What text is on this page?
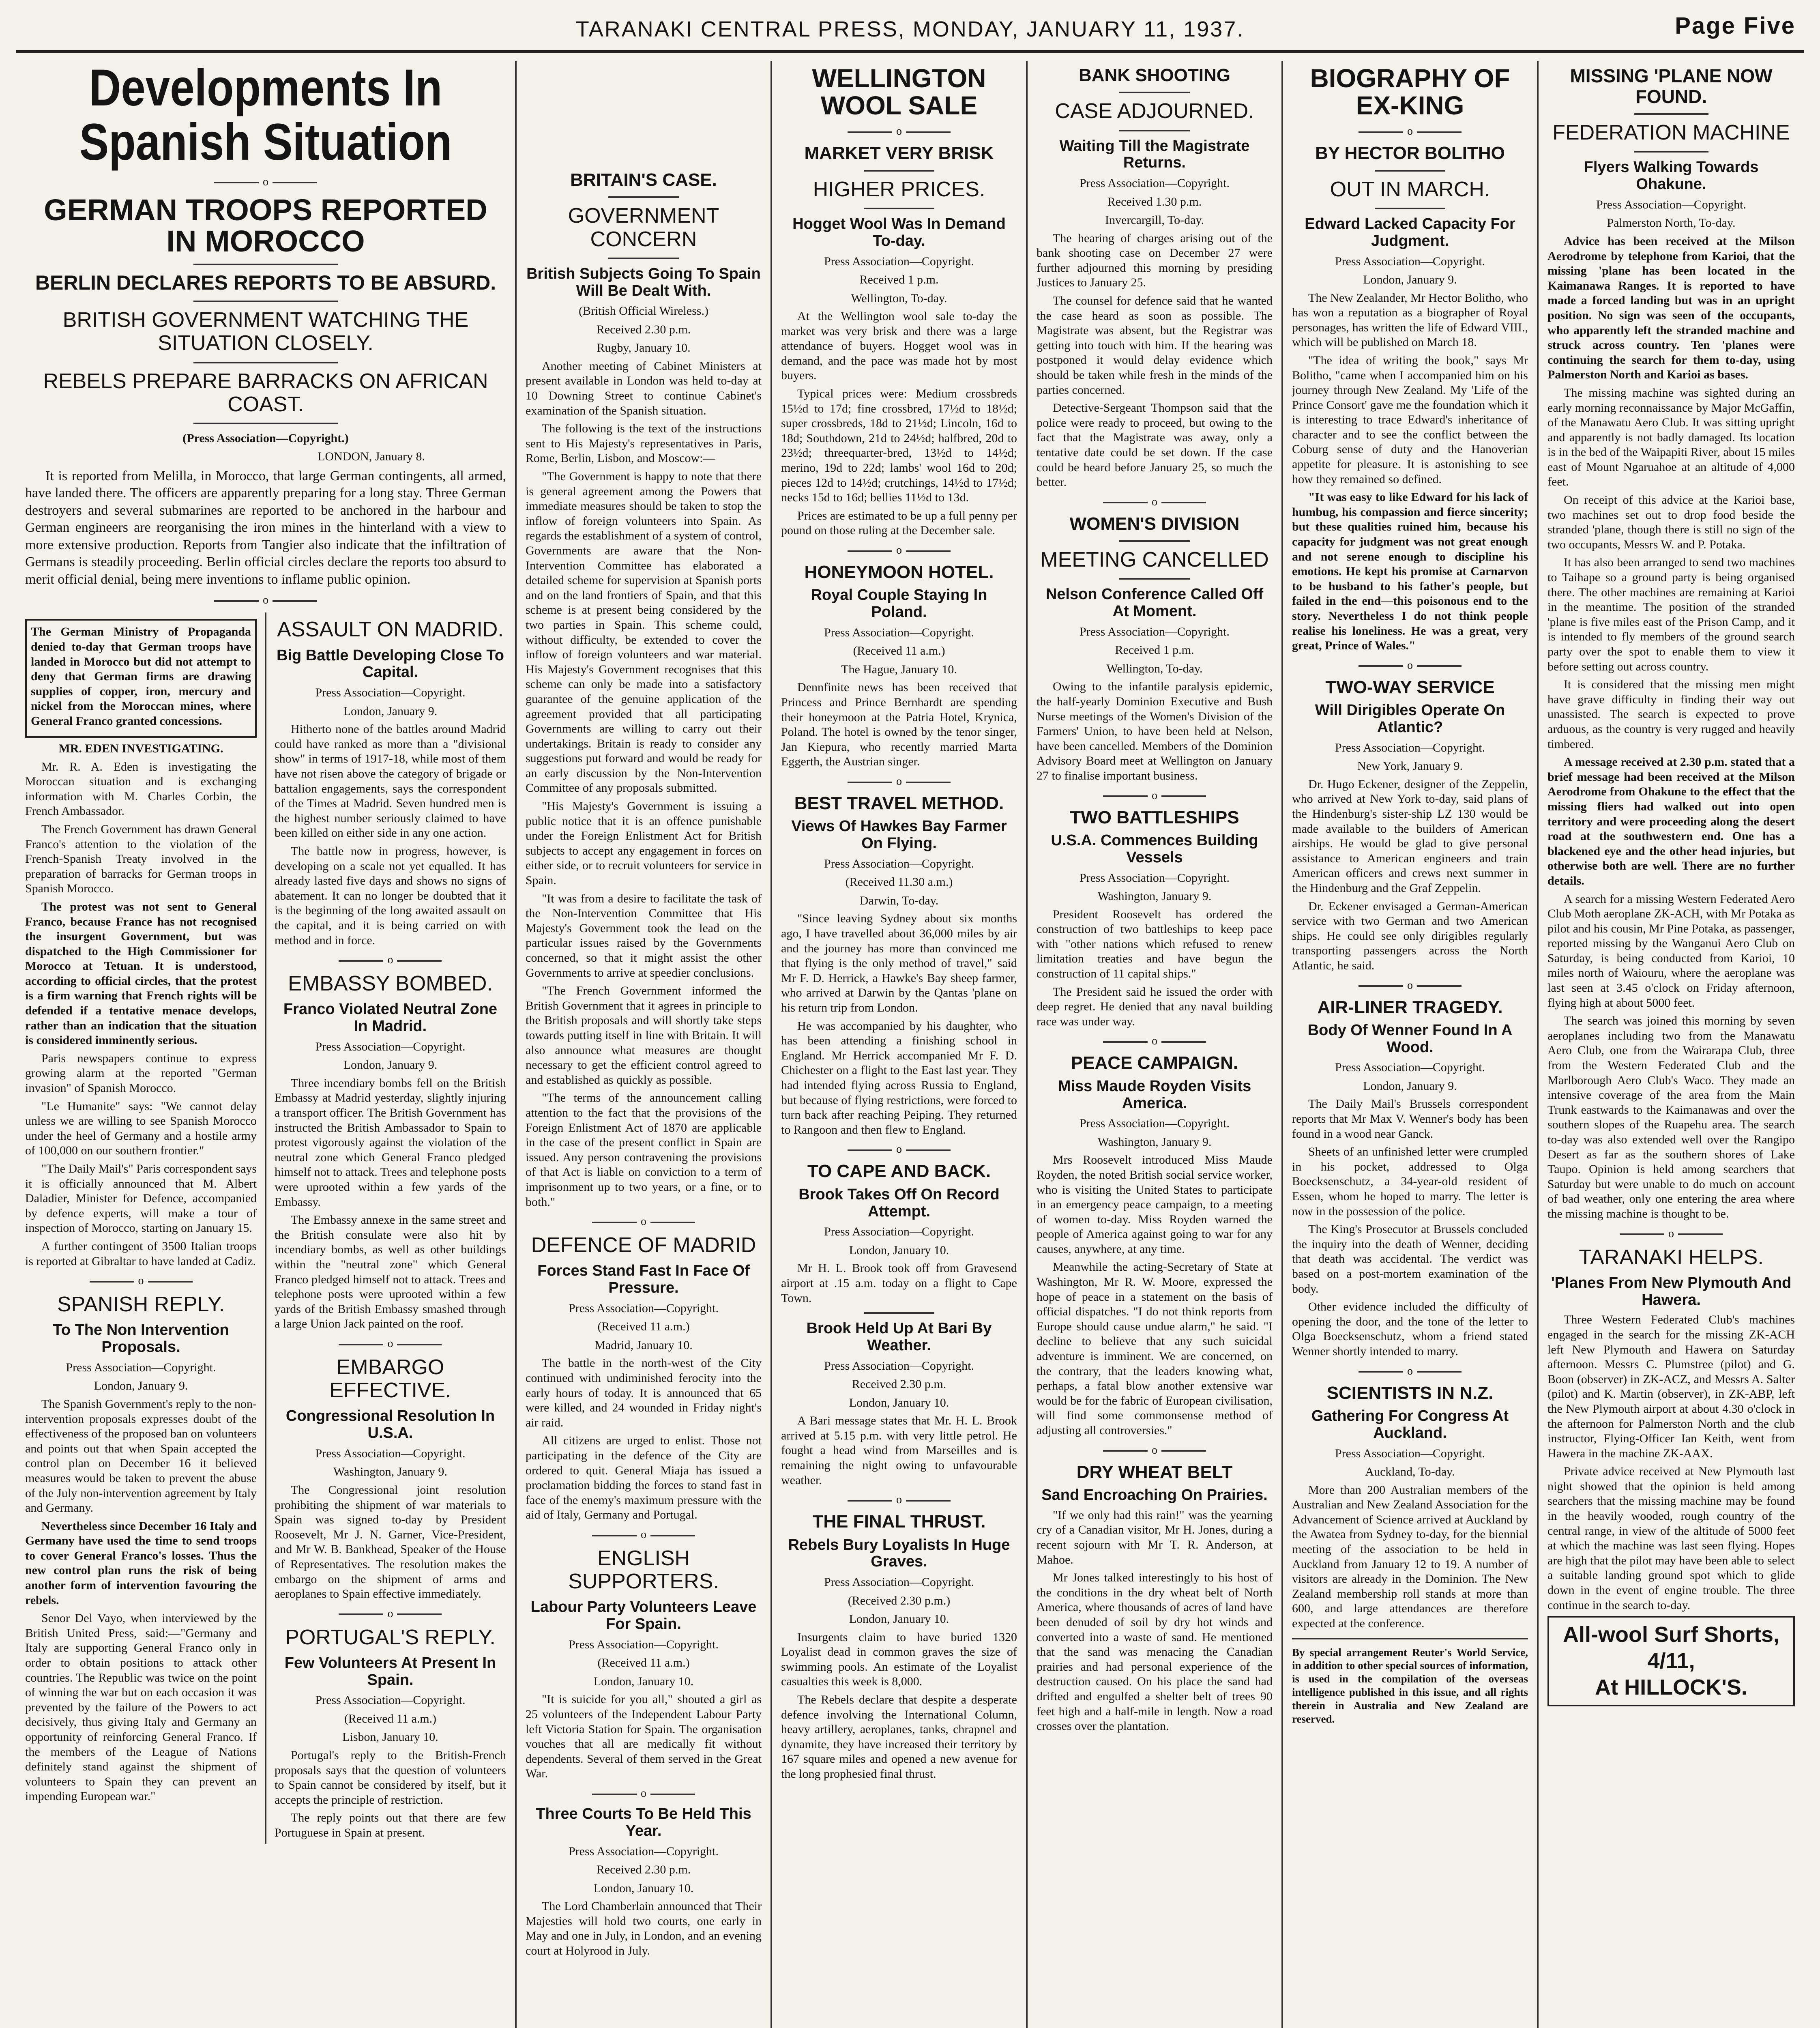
TARANAKI CENTRAL PRESS, MONDAY, JANUARY 11, 1937.	Page Five
Developments In Spanish Situation
o
GERMAN TROOPS REPORTED IN MOROCCO
BERLIN DECLARES REPORTS TO BE ABSURD.
BRITISH GOVERNMENT WATCHING THE SITUATION CLOSELY.
REBELS PREPARE BARRACKS ON AFRICAN COAST.
(Press Association—Copyright.)
LONDON, January 8.

It is reported from Melilla, in Morocco, that large German contingents, all armed, have landed there. The officers are apparently preparing for a long stay. Three German destroyers and several submarines are reported to be anchored in the harbour and German engineers are reorganising the iron mines in the hinterland with a view to more extensive production. Reports from Tangier also indicate that the infiltration of Germans is steadily proceeding. Berlin official circles declare the reports too absurd to merit official denial, being mere inventions to inflame public opinion.

o

The German Ministry of Propaganda denied to-day that German troops have landed in Morocco but did not attempt to deny that German firms are drawing supplies of copper, iron, mercury and nickel from the Moroccan mines, where General Franco granted concessions.

MR. EDEN INVESTIGATING.

Mr. R. A. Eden is investigating the Moroccan situation and is exchanging information with M. Charles Corbin, the French Ambassador.

The French Government has drawn General Franco's attention to the violation of the French-Spanish Treaty involved in the preparation of barracks for German troops in Spanish Morocco.

The protest was not sent to General Franco, because France has not recognised the insurgent Government, but was dispatched to the High Commissioner for Morocco at Tetuan. It is understood, according to official circles, that the protest is a firm warning that French rights will be defended if a tentative menace develops, rather than an indication that the situation is considered imminently serious.

Paris newspapers continue to express growing alarm at the reported "German invasion" of Spanish Morocco.

"Le Humanite" says: "We cannot delay unless we are willing to see Spanish Morocco under the heel of Germany and a hostile army of 100,000 on our southern frontier."

"The Daily Mail's" Paris correspondent says it is officially announced that M. Albert Daladier, Minister for Defence, accompanied by defence experts, will make a tour of inspection of Morocco, starting on January 15.

A further contingent of 3500 Italian troops is reported at Gibraltar to have landed at Cadiz.

o
SPANISH REPLY.
To The Non Intervention Proposals.
Press Association—Copyright.
London, January 9.

The Spanish Government's reply to the non-intervention proposals expresses doubt of the effectiveness of the proposed ban on volunteers and points out that when Spain accepted the control plan on December 16 it believed measures would be taken to prevent the abuse of the July non-intervention agreement by Italy and Germany.

Nevertheless since December 16 Italy and Germany have used the time to send troops to cover General Franco's losses. Thus the new control plan runs the risk of being another form of intervention favouring the rebels.

Senor Del Vayo, when interviewed by the British United Press, said:—"Germany and Italy are supporting General Franco only in order to obtain positions to attack other countries. The Republic was twice on the point of winning the war but on each occasion it was prevented by the failure of the Powers to act decisively, thus giving Italy and Germany an opportunity of reinforcing General Franco. If the members of the League of Nations definitely stand against the shipment of volunteers to Spain they can prevent an impending European war."

ASSAULT ON MADRID.
Big Battle Developing Close To Capital.
Press Association—Copyright.
London, January 9.

Hitherto none of the battles around Madrid could have ranked as more than a "divisional show" in terms of 1917-18, while most of them have not risen above the category of brigade or battalion engagements, says the correspondent of the Times at Madrid. Seven hundred men is the highest number seriously claimed to have been killed on either side in any one action.

The battle now in progress, however, is developing on a scale not yet equalled. It has already lasted five days and shows no signs of abatement. It can no longer be doubted that it is the beginning of the long awaited assault on the capital, and it is being carried on with method and in force.

o
EMBASSY BOMBED.
Franco Violated Neutral Zone In Madrid.
Press Association—Copyright.
London, January 9.

Three incendiary bombs fell on the British Embassy at Madrid yesterday, slightly injuring a transport officer. The British Government has instructed the British Ambassador to Spain to protest vigorously against the violation of the neutral zone which General Franco pledged himself not to attack. Trees and telephone posts were uprooted within a few yards of the Embassy.

The Embassy annexe in the same street and the British consulate were also hit by incendiary bombs, as well as other buildings within the "neutral zone" which General Franco pledged himself not to attack. Trees and telephone posts were uprooted within a few yards of the British Embassy smashed through a large Union Jack painted on the roof.

o
EMBARGO EFFECTIVE.
Congressional Resolution In U.S.A.
Press Association—Copyright.
Washington, January 9.

The Congressional joint resolution prohibiting the shipment of war materials to Spain was signed to-day by President Roosevelt, Mr J. N. Garner, Vice-President, and Mr W. B. Bankhead, Speaker of the House of Representatives. The resolution makes the embargo on the shipment of arms and aeroplanes to Spain effective immediately.

o
PORTUGAL'S REPLY.
Few Volunteers At Present In Spain.
Press Association—Copyright.
(Received 11 a.m.)
Lisbon, January 10.

Portugal's reply to the British-French proposals says that the question of volunteers to Spain cannot be considered by itself, but it accepts the principle of restriction.

The reply points out that there are few Portuguese in Spain at present.

BRITAIN'S CASE.
GOVERNMENT CONCERN
British Subjects Going To Spain Will Be Dealt With.
(British Official Wireless.)
Received 2.30 p.m.
Rugby, January 10.

Another meeting of Cabinet Ministers at present available in London was held to-day at 10 Downing Street to continue Cabinet's examination of the Spanish situation.

The following is the text of the instructions sent to His Majesty's representatives in Paris, Rome, Berlin, Lisbon, and Moscow:—

"The Government is happy to note that there is general agreement among the Powers that immediate measures should be taken to stop the inflow of foreign volunteers into Spain. As regards the establishment of a system of control, Governments are aware that the Non-Intervention Committee has elaborated a detailed scheme for supervision at Spanish ports and on the land frontiers of Spain, and that this scheme is at present being considered by the two parties in Spain. This scheme could, without difficulty, be extended to cover the inflow of foreign volunteers and war material. His Majesty's Government recognises that this scheme can only be made into a satisfactory guarantee of the genuine application of the agreement provided that all participating Governments are willing to carry out their undertakings. Britain is ready to consider any suggestions put forward and would be ready for an early discussion by the Non-Intervention Committee of any proposals submitted.

"His Majesty's Government is issuing a public notice that it is an offence punishable under the Foreign Enlistment Act for British subjects to accept any engagement in forces on either side, or to recruit volunteers for service in Spain.

"It was from a desire to facilitate the task of the Non-Intervention Committee that His Majesty's Government took the lead on the particular issues raised by the Governments concerned, so that it might assist the other Governments to arrive at speedier conclusions.

"The French Government informed the British Government that it agrees in principle to the British proposals and will shortly take steps towards putting itself in line with Britain. It will also announce what measures are thought necessary to get the efficient control agreed to and established as quickly as possible.

"The terms of the announcement calling attention to the fact that the provisions of the Foreign Enlistment Act of 1870 are applicable in the case of the present conflict in Spain are issued. Any person contravening the provisions of that Act is liable on conviction to a term of imprisonment up to two years, or a fine, or to both."

o
DEFENCE OF MADRID
Forces Stand Fast In Face Of Pressure.
Press Association—Copyright.
(Received 11 a.m.)
Madrid, January 10.

The battle in the north-west of the City continued with undiminished ferocity into the early hours of today. It is announced that 65 were killed, and 24 wounded in Friday night's air raid.

All citizens are urged to enlist. Those not participating in the defence of the City are ordered to quit. General Miaja has issued a proclamation bidding the forces to stand fast in face of the enemy's maximum pressure with the aid of Italy, Germany and Portugal.

o
ENGLISH SUPPORTERS.
Labour Party Volunteers Leave For Spain.
Press Association—Copyright.
(Received 11 a.m.)
London, January 10.

"It is suicide for you all," shouted a girl as 25 volunteers of the Independent Labour Party left Victoria Station for Spain. The organisation vouches that all are medically fit without dependents. Several of them served in the Great War.

o
Three Courts To Be Held This Year.
Press Association—Copyright.
Received 2.30 p.m.
London, January 10.

The Lord Chamberlain announced that Their Majesties will hold two courts, one early in May and one in July, in London, and an evening court at Holyrood in July.

WELLINGTON WOOL SALE
o
MARKET VERY BRISK
HIGHER PRICES.
Hogget Wool Was In Demand To-day.
Press Association—Copyright.
Received 1 p.m.
Wellington, To-day.

At the Wellington wool sale to-day the market was very brisk and there was a large attendance of buyers. Hogget wool was in demand, and the pace was made hot by most buyers.

Typical prices were: Medium crossbreds 15½d to 17d; fine crossbred, 17½d to 18½d; super crossbreds, 18d to 21½d; Lincoln, 16d to 18d; Southdown, 21d to 24½d; halfbred, 20d to 23½d; threequarter-bred, 13½d to 14½d; merino, 19d to 22d; lambs' wool 16d to 20d; pieces 12d to 14½d; crutchings, 14½d to 17½d; necks 15d to 16d; bellies 11½d to 13d.

Prices are estimated to be up a full penny per pound on those ruling at the December sale.

o
HONEYMOON HOTEL.
Royal Couple Staying In Poland.
Press Association—Copyright.
(Received 11 a.m.)
The Hague, January 10.

Dennfinite news has been received that Princess and Prince Bernhardt are spending their honeymoon at the Patria Hotel, Krynica, Poland. The hotel is owned by the tenor singer, Jan Kiepura, who recently married Marta Eggerth, the Austrian singer.

o
BEST TRAVEL METHOD.
Views Of Hawkes Bay Farmer On Flying.
Press Association—Copyright.
(Received 11.30 a.m.)
Darwin, To-day.

"Since leaving Sydney about six months ago, I have travelled about 36,000 miles by air and the journey has more than convinced me that flying is the only method of travel," said Mr F. D. Herrick, a Hawke's Bay sheep farmer, who arrived at Darwin by the Qantas 'plane on his return trip from London.

He was accompanied by his daughter, who has been attending a finishing school in England. Mr Herrick accompanied Mr F. D. Chichester on a flight to the East last year. They had intended flying across Russia to England, but because of flying restrictions, were forced to turn back after reaching Peiping. They returned to Rangoon and then flew to England.

o
TO CAPE AND BACK.
Brook Takes Off On Record Attempt.
Press Association—Copyright.
London, January 10.

Mr H. L. Brook took off from Gravesend airport at .15 a.m. today on a flight to Cape Town.

Brook Held Up At Bari By Weather.
Press Association—Copyright.
Received 2.30 p.m.
London, January 10.

A Bari message states that Mr. H. L. Brook arrived at 5.15 p.m. with very little petrol. He fought a head wind from Marseilles and is remaining the night owing to unfavourable weather.

o
THE FINAL THRUST.
Rebels Bury Loyalists In Huge Graves.
Press Association—Copyright.
(Received 2.30 p.m.)
London, January 10.

Insurgents claim to have buried 1320 Loyalist dead in common graves the size of swimming pools. An estimate of the Loyalist casualties this week is 8,000.

The Rebels declare that despite a desperate defence involving the International Column, heavy artillery, aeroplanes, tanks, chrapnel and dynamite, they have increased their territory by 167 square miles and opened a new avenue for the long prophesied final thrust.

BANK SHOOTING
CASE ADJOURNED.
Waiting Till the Magistrate Returns.
Press Association—Copyright.
Received 1.30 p.m.
Invercargill, To-day.

The hearing of charges arising out of the bank shooting case on December 27 were further adjourned this morning by presiding Justices to January 25.

The counsel for defence said that he wanted the case heard as soon as possible. The Magistrate was absent, but the Registrar was getting into touch with him. If the hearing was postponed it would delay evidence which should be taken while fresh in the minds of the parties concerned.

Detective-Sergeant Thompson said that the police were ready to proceed, but owing to the fact that the Magistrate was away, only a tentative date could be set down. If the case could be heard before January 25, so much the better.

o
WOMEN'S DIVISION
MEETING CANCELLED
Nelson Conference Called Off At Moment.
Press Association—Copyright.
Received 1 p.m.
Wellington, To-day.

Owing to the infantile paralysis epidemic, the half-yearly Dominion Executive and Bush Nurse meetings of the Women's Division of the Farmers' Union, to have been held at Nelson, have been cancelled. Members of the Dominion Advisory Board meet at Wellington on January 27 to finalise important business.

o
TWO BATTLESHIPS
U.S.A. Commences Building Vessels
Press Association—Copyright.
Washington, January 9.

President Roosevelt has ordered the construction of two battleships to keep pace with "other nations which refused to renew limitation treaties and have begun the construction of 11 capital ships."

The President said he issued the order with deep regret. He denied that any naval building race was under way.

o
PEACE CAMPAIGN.
Miss Maude Royden Visits America.
Press Association—Copyright.
Washington, January 9.

Mrs Roosevelt introduced Miss Maude Royden, the noted British social service worker, who is visiting the United States to participate in an emergency peace campaign, to a meeting of women to-day. Miss Royden warned the people of America against going to war for any causes, anywhere, at any time.

Meanwhile the acting-Secretary of State at Washington, Mr R. W. Moore, expressed the hope of peace in a statement on the basis of official dispatches. "I do not think reports from Europe should cause undue alarm," he said. "I decline to believe that any such suicidal adventure is imminent. We are concerned, on the contrary, that the leaders knowing what, perhaps, a fatal blow another extensive war would be for the fabric of European civilisation, will find some commonsense method of adjusting all controversies."

o
DRY WHEAT BELT
Sand Encroaching On Prairies.

"If we only had this rain!" was the yearning cry of a Canadian visitor, Mr H. Jones, during a recent sojourn with Mr T. R. Anderson, at Mahoe.

Mr Jones talked interestingly to his host of the conditions in the dry wheat belt of North America, where thousands of acres of land have been denuded of soil by dry hot winds and converted into a waste of sand. He mentioned that the sand was menacing the Canadian prairies and had personal experience of the destruction caused. On his place the sand had drifted and engulfed a shelter belt of trees 90 feet high and a half-mile in length. Now a road crosses over the plantation.

BIOGRAPHY OF EX-KING
o
BY HECTOR BOLITHO
OUT IN MARCH.
Edward Lacked Capacity For Judgment.
Press Association—Copyright.
London, January 9.

The New Zealander, Mr Hector Bolitho, who has won a reputation as a biographer of Royal personages, has written the life of Edward VIII., which will be published on March 18.

"The idea of writing the book," says Mr Bolitho, "came when I accompanied him on his journey through New Zealand. My 'Life of the Prince Consort' gave me the foundation which it is interesting to trace Edward's inheritance of character and to see the conflict between the Coburg sense of duty and the Hanoverian appetite for pleasure. It is astonishing to see how they remained so defined.

"It was easy to like Edward for his lack of humbug, his compassion and fierce sincerity; but these qualities ruined him, because his capacity for judgment was not great enough and not serene enough to discipline his emotions. He kept his promise at Carnarvon to be husband to his father's people, but failed in the end—this poisonous end to the story. Nevertheless I do not think people realise his loneliness. He was a great, very great, Prince of Wales."

o
TWO-WAY SERVICE
Will Dirigibles Operate On Atlantic?
Press Association—Copyright.
New York, January 9.

Dr. Hugo Eckener, designer of the Zeppelin, who arrived at New York to-day, said plans of the Hindenburg's sister-ship LZ 130 would be made available to the builders of American airships. He would be glad to give personal assistance to American engineers and train American officers and crews next summer in the Hindenburg and the Graf Zeppelin.

Dr. Eckener envisaged a German-American service with two German and two American ships. He could see only dirigibles regularly transporting passengers across the North Atlantic, he said.

o
AIR-LINER TRAGEDY.
Body Of Wenner Found In A Wood.
Press Association—Copyright.
London, January 9.

The Daily Mail's Brussels correspondent reports that Mr Max V. Wenner's body has been found in a wood near Ganck.

Sheets of an unfinished letter were crumpled in his pocket, addressed to Olga Boecksenschutz, a 34-year-old resident of Essen, whom he hoped to marry. The letter is now in the possession of the police.

The King's Prosecutor at Brussels concluded the inquiry into the death of Wenner, deciding that death was accidental. The verdict was based on a post-mortem examination of the body.

Other evidence included the difficulty of opening the door, and the tone of the letter to Olga Boecksenschutz, whom a friend stated Wenner shortly intended to marry.

o
SCIENTISTS IN N.Z.
Gathering For Congress At Auckland.
Press Association—Copyright.
Auckland, To-day.

More than 200 Australian members of the Australian and New Zealand Association for the Advancement of Science arrived at Auckland by the Awatea from Sydney to-day, for the biennial meeting of the association to be held in Auckland from January 12 to 19. A number of visitors are already in the Dominion. The New Zealand membership roll stands at more than 600, and large attendances are therefore expected at the conference.

By special arrangement Reuter's World Service, in addition to other special sources of information, is used in the compilation of the overseas intelligence published in this issue, and all rights therein in Australia and New Zealand are reserved.

MISSING 'PLANE NOW FOUND.
FEDERATION MACHINE
Flyers Walking Towards Ohakune.
Press Association—Copyright.
Palmerston North, To-day.

Advice has been received at the Milson Aerodrome by telephone from Karioi, that the missing 'plane has been located in the Kaimanawa Ranges. It is reported to have made a forced landing but was in an upright position. No sign was seen of the occupants, who apparently left the stranded machine and struck across country. Ten 'planes were continuing the search for them to-day, using Palmerston North and Karioi as bases.

The missing machine was sighted during an early morning reconnaissance by Major McGaffin, of the Manawatu Aero Club. It was sitting upright and apparently is not badly damaged. Its location is in the bed of the Waipapiti River, about 15 miles east of Mount Ngaruahoe at an altitude of 4,000 feet.

On receipt of this advice at the Karioi base, two machines set out to drop food beside the stranded 'plane, though there is still no sign of the two occupants, Messrs W. and P. Potaka.

It has also been arranged to send two machines to Taihape so a ground party is being organised there. The other machines are remaining at Karioi in the meantime. The position of the stranded 'plane is five miles east of the Prison Camp, and it is intended to fly members of the ground search party over the spot to enable them to view it before setting out across country.

It is considered that the missing men might have grave difficulty in finding their way out unassisted. The search is expected to prove arduous, as the country is very rugged and heavily timbered.

A message received at 2.30 p.m. stated that a brief message had been received at the Milson Aerodrome from Ohakune to the effect that the missing fliers had walked out into open territory and were proceeding along the desert road at the southwestern end. One has a blackened eye and the other head injuries, but otherwise both are well. There are no further details.

A search for a missing Western Federated Aero Club Moth aeroplane ZK-ACH, with Mr Potaka as pilot and his cousin, Mr Pine Potaka, as passenger, reported missing by the Wanganui Aero Club on Saturday, is being conducted from Karioi, 10 miles north of Waiouru, where the aeroplane was last seen at 3.45 o'clock on Friday afternoon, flying high at about 5000 feet.

The search was joined this morning by seven aeroplanes including two from the Manawatu Aero Club, one from the Wairarapa Club, three from the Western Federated Club and the Marlborough Aero Club's Waco. They made an intensive coverage of the area from the Main Trunk eastwards to the Kaimanawas and over the southern slopes of the Ruapehu area. The search to-day was also extended well over the Rangipo Desert as far as the southern shores of Lake Taupo. Opinion is held among searchers that Saturday but were unable to do much on account of bad weather, only one entering the area where the missing machine is thought to be.

o
TARANAKI HELPS.
'Planes From New Plymouth And Hawera.

Three Western Federated Club's machines engaged in the search for the missing ZK-ACH left New Plymouth and Hawera on Saturday afternoon. Messrs C. Plumstree (pilot) and G. Boon (observer) in ZK-ACZ, and Messrs A. Salter (pilot) and K. Martin (observer), in ZK-ABP, left the New Plymouth airport at about 4.30 o'clock in the afternoon for Palmerston North and the club instructor, Flying-Officer Ian Keith, went from Hawera in the machine ZK-AAX.

Private advice received at New Plymouth last night showed that the opinion is held among searchers that the missing machine may be found in the heavily wooded, rough country of the central range, in view of the altitude of 5000 feet at which the machine was last seen flying. Hopes are high that the pilot may have been able to select a suitable landing ground spot which to glide down in the event of engine trouble. The three continue in the search to-day.

All-wool Surf Shorts,
4/11,
At HILLOCK'S.
